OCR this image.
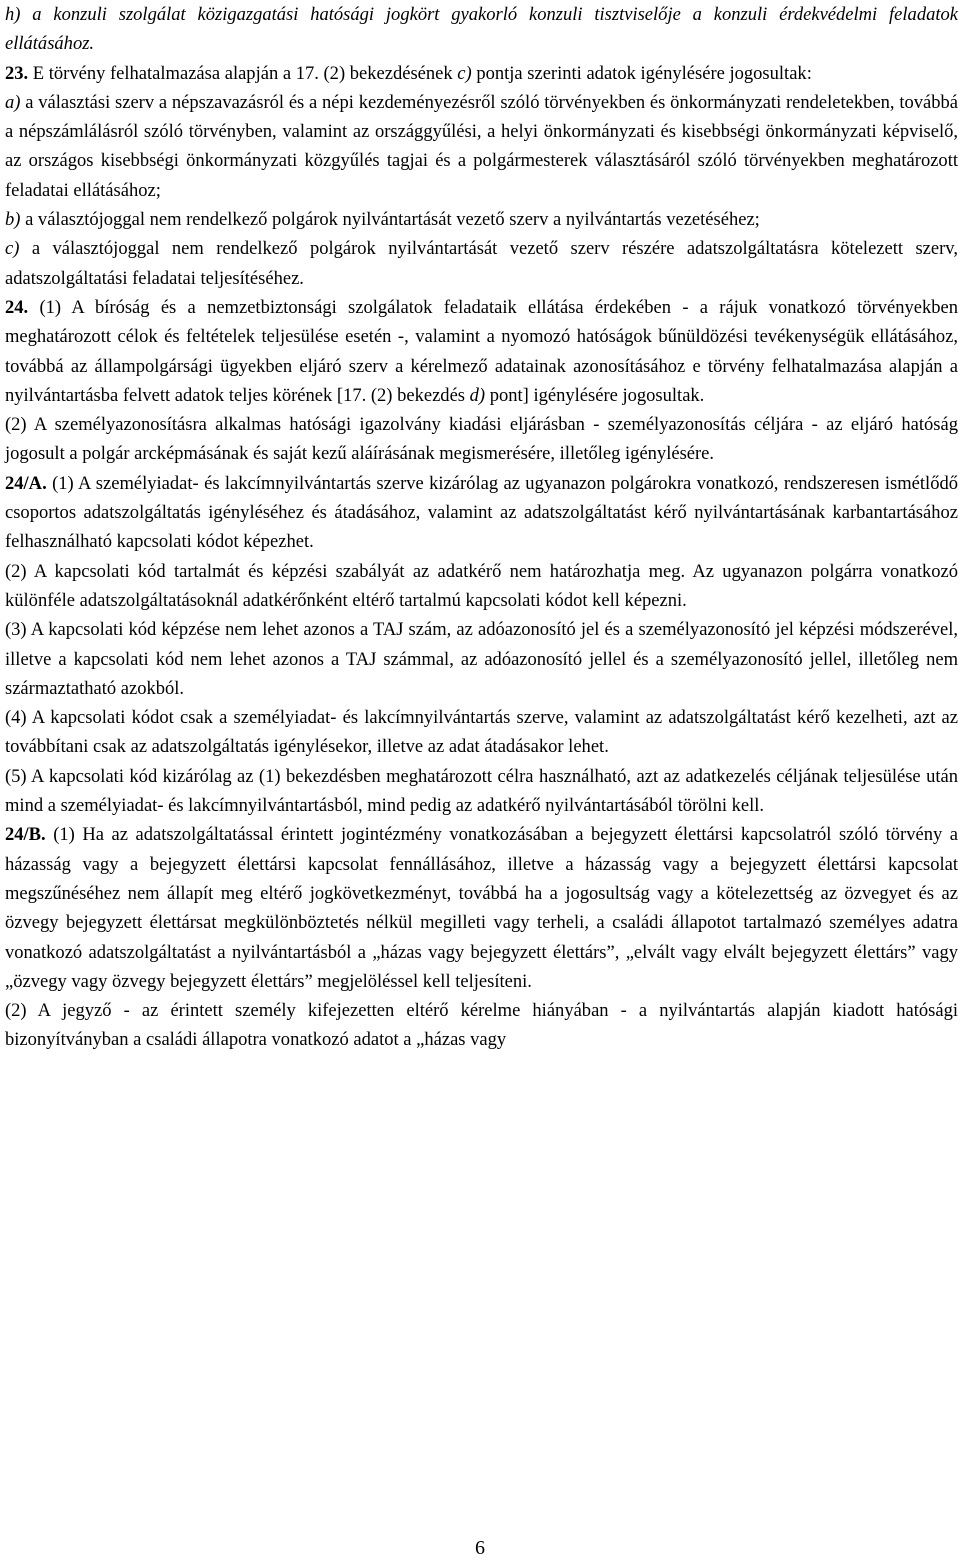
h) a konzuli szolgálat közigazgatási hatósági jogkört gyakorló konzuli tisztviselője a konzuli érdekvédelmi feladatok ellátásához.

23. E törvény felhatalmazása alapján a 17. (2) bekezdésének c) pontja szerinti adatok igénylésére jogosultak:

a) a választási szerv a népszavazásról és a népi kezdeményezésről szóló törvényekben és önkormányzati rendeletekben, továbbá a népszámlálásról szóló törvényben, valamint az országgyűlési, a helyi önkormányzati és kisebbségi önkormányzati képviselő, az országos kisebbségi önkormányzati közgyűlés tagjai és a polgármesterek választásáról szóló törvényekben meghatározott feladatai ellátásához;

b) a választójoggal nem rendelkező polgárok nyilvántartását vezető szerv a nyilvántartás vezetéséhez;

c) a választójoggal nem rendelkező polgárok nyilvántartását vezető szerv részére adatszolgáltatásra kötelezett szerv, adatszolgáltatási feladatai teljesítéséhez.

24. (1) A bíróság és a nemzetbiztonsági szolgálatok feladataik ellátása érdekében - a rájuk vonatkozó törvényekben meghatározott célok és feltételek teljesülése esetén -, valamint a nyomozó hatóságok bűnüldözési tevékenységük ellátásához, továbbá az állampolgársági ügyekben eljáró szerv a kérelmező adatainak azonosításához e törvény felhatalmazása alapján a nyilvántartásba felvett adatok teljes körének [17. (2) bekezdés d) pont] igénylésére jogosultak.

(2) A személyazonosításra alkalmas hatósági igazolvány kiadási eljárásban - személyazonosítás céljára - az eljáró hatóság jogosult a polgár arcképmásának és saját kezű aláírásának megismerésére, illetőleg igénylésére.

24/A. (1) A személyiadat- és lakcímnyilvántartás szerve kizárólag az ugyanazon polgárokra vonatkozó, rendszeresen ismétlődő csoportos adatszolgáltatás igényléséhez és átadásához, valamint az adatszolgáltatást kérő nyilvántartásának karbantartásához felhasználható kapcsolati kódot képezhet.

(2) A kapcsolati kód tartalmát és képzési szabályát az adatkérő nem határozhatja meg. Az ugyanazon polgárra vonatkozó különféle adatszolgáltatásoknál adatkérőnként eltérő tartalmú kapcsolati kódot kell képezni.

(3) A kapcsolati kód képzése nem lehet azonos a TAJ szám, az adóazonosító jel és a személyazonosító jel képzési módszerével, illetve a kapcsolati kód nem lehet azonos a TAJ számmal, az adóazonosító jellel és a személyazonosító jellel, illetőleg nem származtatható azokból.

(4) A kapcsolati kódot csak a személyiadat- és lakcímnyilvántartás szerve, valamint az adatszolgáltatást kérő kezelheti, azt az továbbítani csak az adatszolgáltatás igénylésekor, illetve az adat átadásakor lehet.

(5) A kapcsolati kód kizárólag az (1) bekezdésben meghatározott célra használható, azt az adatkezelés céljának teljesülése után mind a személyiadat- és lakcímnyilvántartásból, mind pedig az adatkérő nyilvántartásából törölni kell.

24/B. (1) Ha az adatszolgáltatással érintett jogintézmény vonatkozásában a bejegyzett élettársi kapcsolatról szóló törvény a házasság vagy a bejegyzett élettársi kapcsolat fennállásához, illetve a házasság vagy a bejegyzett élettársi kapcsolat megszűnéséhez nem állapít meg eltérő jogkövetkezményt, továbbá ha a jogosultság vagy a kötelezettség az özvegyet és az özvegy bejegyzett élettársat megkülönböztetés nélkül megilleti vagy terheli, a családi állapotot tartalmazó személyes adatra vonatkozó adatszolgáltatást a nyilvántartásból a „házas vagy bejegyzett élettárs”, „elvált vagy elvált bejegyzett élettárs” vagy „özvegy vagy özvegy bejegyzett élettárs” megjelöléssel kell teljesíteni.

(2) A jegyző - az érintett személy kifejezetten eltérő kérelme hiányában - a nyilvántartás alapján kiadott hatósági bizonyítványban a családi állapotra vonatkozó adatot a „házas vagy

6
